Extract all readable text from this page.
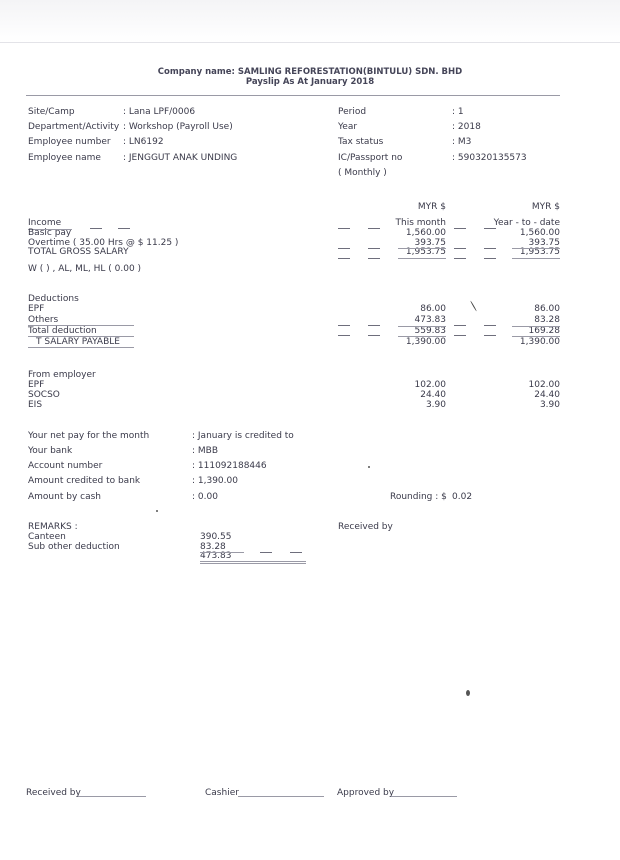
Company name: SAMLING REFORESTATION(BINTULU) SDN. BHD
Payslip As At January 2018
Site/Camp	: Lana LPF/0006
Department/Activity : Workshop (Payroll Use)
Employee number : LN6192
Employee name : JENGGUT ANAK UNDING
Period	: 1
Year	: 2018
Tax status	: M3
IC/Passport no	: 590320135573
( Monthly )
MYR $	MYR $
This month	Year - to - date
Income
Basic pay	1,560.00	1,560.00
Overtime ( 35.00 Hrs @ $ 11.25 )	393.75	393.75
TOTAL GROSS SALARY	1,953.75	1,953.75
W ( ) , AL, ML, HL ( 0.00 )
Deductions
EPF	86.00	86.00
Others	473.83	83.28
Total deduction	559.83	169.28
T SALARY PAYABLE	1,390.00	1,390.00
From employer
EPF	102.00	102.00
SOCSO	24.40	24.40
EIS	3.90	3.90
Your net pay for the month	: January is credited to
Your bank	: MBB
Account number	: 111092188446
Amount credited to bank	: 1,390.00
Amount by cash	: 0.00	Rounding : $ 0.02
REMARKS :	Received by
Canteen	390.55
Sub other deduction	83.28
473.83
Received by	Cashier	Approved by
